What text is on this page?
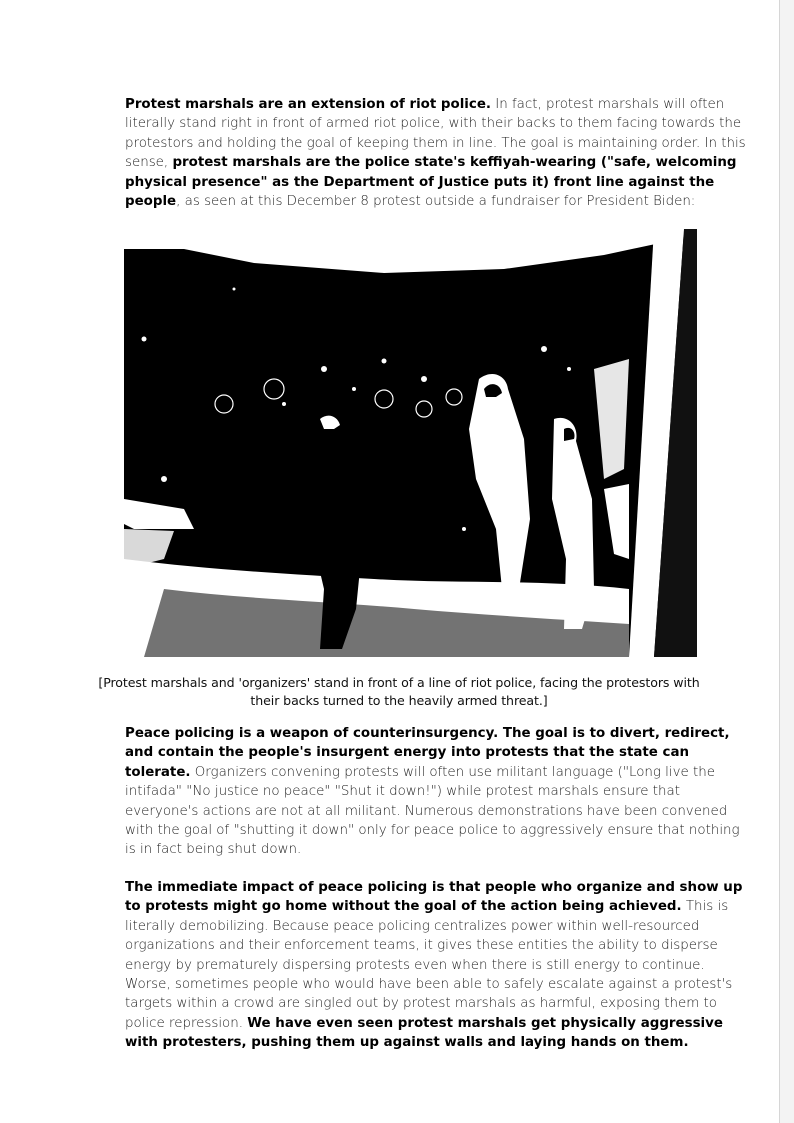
Protest marshals are an extension of riot police. In fact, protest marshals will often literally stand right in front of armed riot police, with their backs to them facing towards the protestors and holding the goal of keeping them in line. The goal is maintaining order. In this sense, protest marshals are the police state's keffiyah-wearing ("safe, welcoming physical presence" as the Department of Justice puts it) front line against the people, as seen at this December 8 protest outside a fundraiser for President Biden:

[Protest marshals and 'organizers' stand in front of a line of riot police, facing the protestors with their backs turned to the heavily armed threat.]

Peace policing is a weapon of counterinsurgency. The goal is to divert, redirect, and contain the people's insurgent energy into protests that the state can tolerate. Organizers convening protests will often use militant language ("Long live the intifada" "No justice no peace" "Shut it down!") while protest marshals ensure that everyone's actions are not at all militant. Numerous demonstrations have been convened with the goal of "shutting it down" only for peace police to aggressively ensure that nothing is in fact being shut down.

The immediate impact of peace policing is that people who organize and show up to protests might go home without the goal of the action being achieved. This is literally demobilizing. Because peace policing centralizes power within well-resourced organizations and their enforcement teams, it gives these entities the ability to disperse energy by prematurely dispersing protests even when there is still energy to continue. Worse, sometimes people who would have been able to safely escalate against a protest's targets within a crowd are singled out by protest marshals as harmful, exposing them to police repression. We have even seen protest marshals get physically aggressive with protesters, pushing them up against walls and laying hands on them.
